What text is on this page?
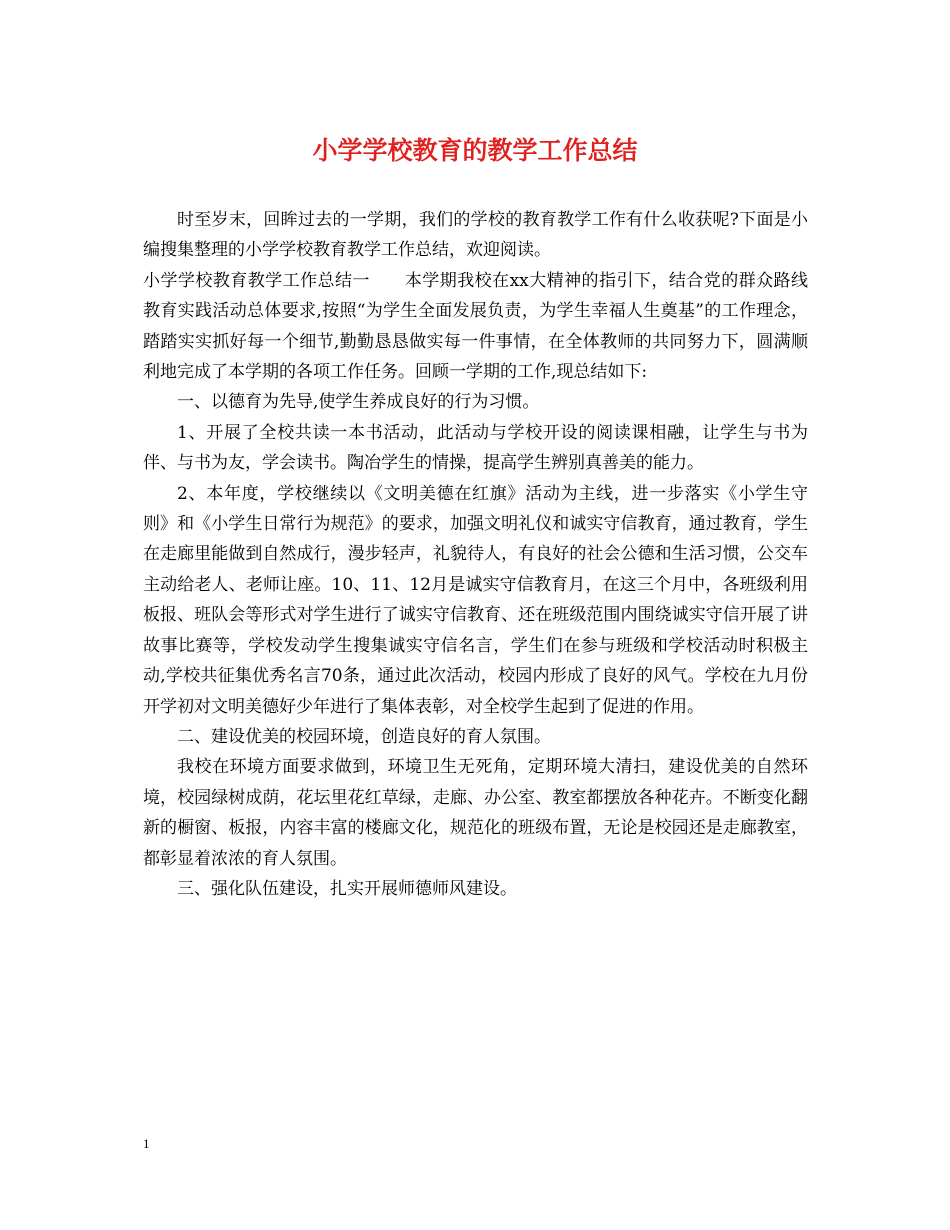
小学学校教育的教学工作总结

时至岁末，回眸过去的一学期，我们的学校的教育教学工作有什么收获呢?下面是小编搜集整理的小学学校教育教学工作总结，欢迎阅读。

小学学校教育教学工作总结一　　 本学期我校在xx大精神的指引下，结合党的群众路线教育实践活动总体要求,按照“为学生全面发展负责，为学生幸福人生奠基”的工作理念，踏踏实实抓好每一个细节,勤勤恳恳做实每一件事情，在全体教师的共同努力下，圆满顺利地完成了本学期的各项工作任务。回顾一学期的工作,现总结如下:

一、以德育为先导,使学生养成良好的行为习惯。

1、开展了全校共读一本书活动，此活动与学校开设的阅读课相融，让学生与书为伴、与书为友，学会读书。陶冶学生的情操，提高学生辨别真善美的能力。

2、本年度，学校继续以《文明美德在红旗》活动为主线，进一步落实《小学生守则》和《小学生日常行为规范》的要求，加强文明礼仪和诚实守信教育，通过教育，学生在走廊里能做到自然成行，漫步轻声，礼貌待人，有良好的社会公德和生活习惯，公交车主动给老人、老师让座。10、11、12月是诚实守信教育月，在这三个月中，各班级利用板报、班队会等形式对学生进行了诚实守信教育、还在班级范围内围绕诚实守信开展了讲故事比赛等，学校发动学生搜集诚实守信名言，学生们在参与班级和学校活动时积极主动,学校共征集优秀名言70条，通过此次活动，校园内形成了良好的风气。学校在九月份开学初对文明美德好少年进行了集体表彰，对全校学生起到了促进的作用。

二、建设优美的校园环境，创造良好的育人氛围。

我校在环境方面要求做到，环境卫生无死角，定期环境大清扫，建设优美的自然环境，校园绿树成荫，花坛里花红草绿，走廊、办公室、教室都摆放各种花卉。不断变化翻新的橱窗、板报，内容丰富的楼廊文化，规范化的班级布置，无论是校园还是走廊教室，都彰显着浓浓的育人氛围。

三、强化队伍建设，扎实开展师德师风建设。

1
